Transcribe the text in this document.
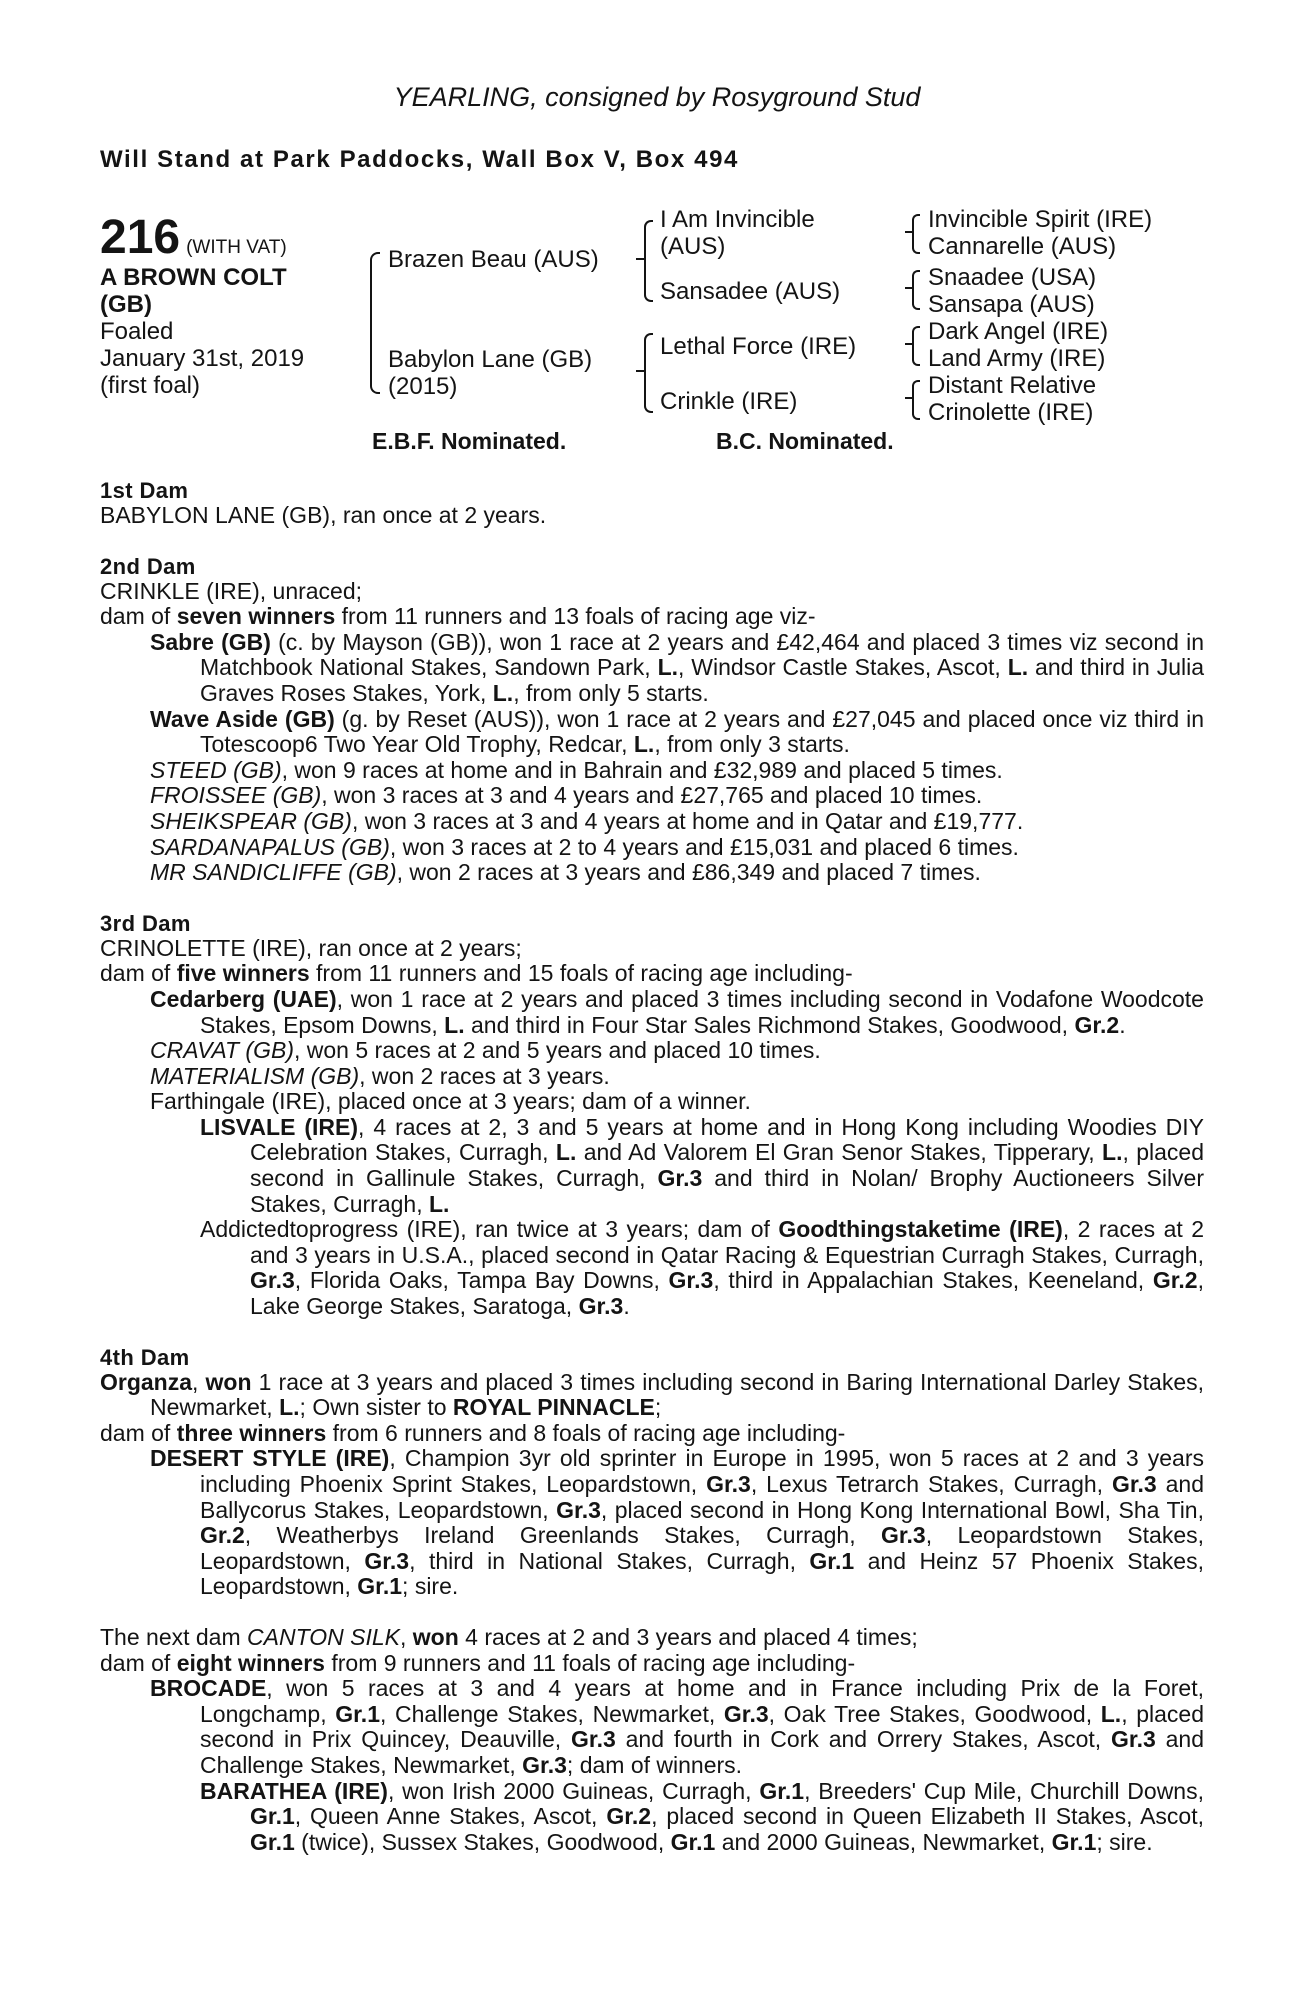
YEARLING, consigned by Rosyground Stud
Will Stand at Park Paddocks, Wall Box V, Box 494
216 (WITH VAT)
A BROWN COLT
(GB)
Foaled
January 31st, 2019
(first foal)
Brazen Beau (AUS)
Babylon Lane (GB)
(2015)
I Am Invincible
(AUS)
Sansadee (AUS)
Lethal Force (IRE)
Crinkle (IRE)
Invincible Spirit (IRE)
Cannarelle (AUS)
Snaadee (USA)
Sansapa (AUS)
Dark Angel (IRE)
Land Army (IRE)
Distant Relative
Crinolette (IRE)
E.B.F. Nominated.	B.C. Nominated.
1st Dam
BABYLON LANE (GB), ran once at 2 years.
2nd Dam
CRINKLE (IRE), unraced;
dam of seven winners from 11 runners and 13 foals of racing age viz-
Sabre (GB) (c. by Mayson (GB)), won 1 race at 2 years and £42,464 and placed 3 times viz second in Matchbook National Stakes, Sandown Park, L., Windsor Castle Stakes, Ascot, L. and third in Julia Graves Roses Stakes, York, L., from only 5 starts.
Wave Aside (GB) (g. by Reset (AUS)), won 1 race at 2 years and £27,045 and placed once viz third in Totescoop6 Two Year Old Trophy, Redcar, L., from only 3 starts.
STEED (GB), won 9 races at home and in Bahrain and £32,989 and placed 5 times.
FROISSEE (GB), won 3 races at 3 and 4 years and £27,765 and placed 10 times.
SHEIKSPEAR (GB), won 3 races at 3 and 4 years at home and in Qatar and £19,777.
SARDANAPALUS (GB), won 3 races at 2 to 4 years and £15,031 and placed 6 times.
MR SANDICLIFFE (GB), won 2 races at 3 years and £86,349 and placed 7 times.
3rd Dam
CRINOLETTE (IRE), ran once at 2 years;
dam of five winners from 11 runners and 15 foals of racing age including-
Cedarberg (UAE), won 1 race at 2 years and placed 3 times including second in Vodafone Woodcote Stakes, Epsom Downs, L. and third in Four Star Sales Richmond Stakes, Goodwood, Gr.2.
CRAVAT (GB), won 5 races at 2 and 5 years and placed 10 times.
MATERIALISM (GB), won 2 races at 3 years.
Farthingale (IRE), placed once at 3 years; dam of a winner.
LISVALE (IRE), 4 races at 2, 3 and 5 years at home and in Hong Kong including Woodies DIY Celebration Stakes, Curragh, L. and Ad Valorem El Gran Senor Stakes, Tipperary, L., placed second in Gallinule Stakes, Curragh, Gr.3 and third in Nolan/ Brophy Auctioneers Silver Stakes, Curragh, L.
Addictedtoprogress (IRE), ran twice at 3 years; dam of Goodthingstaketime (IRE), 2 races at 2 and 3 years in U.S.A., placed second in Qatar Racing & Equestrian Curragh Stakes, Curragh, Gr.3, Florida Oaks, Tampa Bay Downs, Gr.3, third in Appalachian Stakes, Keeneland, Gr.2, Lake George Stakes, Saratoga, Gr.3.
4th Dam
Organza, won 1 race at 3 years and placed 3 times including second in Baring International Darley Stakes, Newmarket, L.; Own sister to ROYAL PINNACLE;
dam of three winners from 6 runners and 8 foals of racing age including-
DESERT STYLE (IRE), Champion 3yr old sprinter in Europe in 1995, won 5 races at 2 and 3 years including Phoenix Sprint Stakes, Leopardstown, Gr.3, Lexus Tetrarch Stakes, Curragh, Gr.3 and Ballycorus Stakes, Leopardstown, Gr.3, placed second in Hong Kong International Bowl, Sha Tin, Gr.2, Weatherbys Ireland Greenlands Stakes, Curragh, Gr.3, Leopardstown Stakes, Leopardstown, Gr.3, third in National Stakes, Curragh, Gr.1 and Heinz 57 Phoenix Stakes, Leopardstown, Gr.1; sire.
The next dam CANTON SILK, won 4 races at 2 and 3 years and placed 4 times;
dam of eight winners from 9 runners and 11 foals of racing age including-
BROCADE, won 5 races at 3 and 4 years at home and in France including Prix de la Foret, Longchamp, Gr.1, Challenge Stakes, Newmarket, Gr.3, Oak Tree Stakes, Goodwood, L., placed second in Prix Quincey, Deauville, Gr.3 and fourth in Cork and Orrery Stakes, Ascot, Gr.3 and Challenge Stakes, Newmarket, Gr.3; dam of winners.
BARATHEA (IRE), won Irish 2000 Guineas, Curragh, Gr.1, Breeders' Cup Mile, Churchill Downs, Gr.1, Queen Anne Stakes, Ascot, Gr.2, placed second in Queen Elizabeth II Stakes, Ascot, Gr.1 (twice), Sussex Stakes, Goodwood, Gr.1 and 2000 Guineas, Newmarket, Gr.1; sire.
